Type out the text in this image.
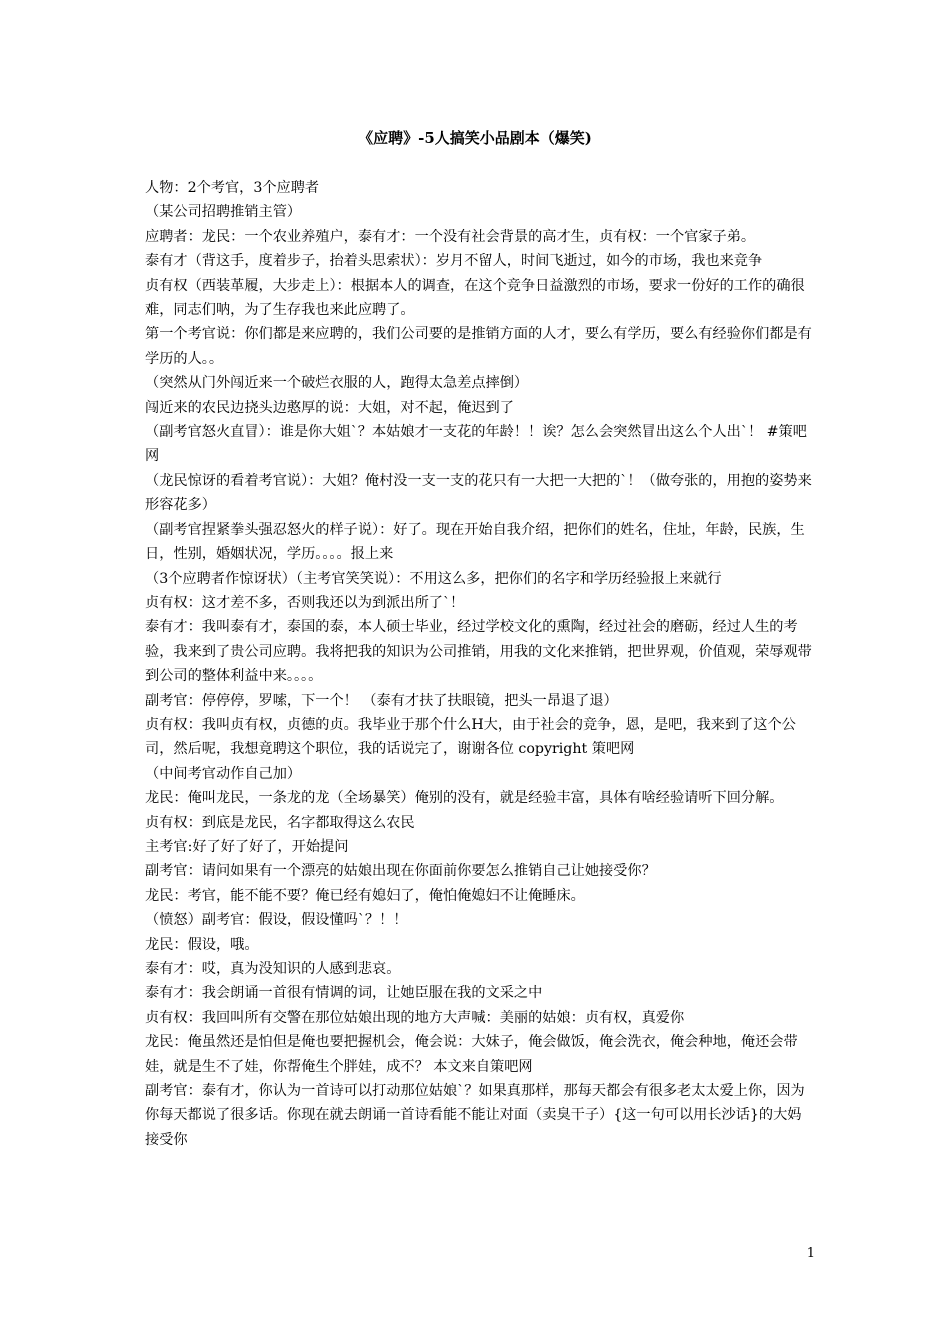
《应聘》-5人搞笑小品剧本（爆笑)

人物：2个考官，3个应聘者

（某公司招聘推销主管）

应聘者：龙民：一个农业养殖户，泰有才：一个没有社会背景的高才生，贞有权：一个官家子弟。

泰有才（背这手，度着步子，抬着头思索状）：岁月不留人，时间飞逝过，如今的市场，我也来竞争

贞有权（西装革履，大步走上）：根据本人的调查，在这个竞争日益激烈的市场，要求一份好的工作的确很难，同志们呐，为了生存我也来此应聘了。

第一个考官说：你们都是来应聘的，我们公司要的是推销方面的人才，要么有学历，要么有经验你们都是有学历的人。。

（突然从门外闯近来一个破烂衣服的人，跑得太急差点摔倒）

闯近来的农民边挠头边憨厚的说：大姐，对不起，俺迟到了

（副考官怒火直冒）：谁是你大姐`？本姑娘才一支花的年龄！！诶？怎么会突然冒出这么个人出`！ #策吧网

（龙民惊讶的看着考官说）：大姐？俺村没一支一支的花只有一大把一大把的`！（做夸张的，用抱的姿势来形容花多）

（副考官捏紧拳头强忍怒火的样子说）：好了。现在开始自我介绍，把你们的姓名，住址，年龄，民族，生日，性别，婚姻状况，学历。。。。报上来

（3个应聘者作惊讶状）（主考官笑笑说）：不用这么多，把你们的名字和学历经验报上来就行

贞有权：这才差不多，否则我还以为到派出所了`！

泰有才：我叫泰有才，泰国的泰，本人硕士毕业，经过学校文化的熏陶，经过社会的磨砺，经过人生的考验，我来到了贵公司应聘。我将把我的知识为公司推销，用我的文化来推销，把世界观，价值观，荣辱观带到公司的整体利益中来。。。。

副考官：停停停，罗嗦，下一个！ （泰有才扶了扶眼镜，把头一昂退了退）

贞有权：我叫贞有权，贞德的贞。我毕业于那个什么H大，由于社会的竞争，恩，是吧，我来到了这个公司，然后呢，我想竟聘这个职位，我的话说完了，谢谢各位 copyright 策吧网

（中间考官动作自己加）

龙民：俺叫龙民，一条龙的龙（全场暴笑）俺别的没有，就是经验丰富，具体有啥经验请听下回分解。

贞有权：到底是龙民，名字都取得这么农民

主考官:好了好了好了，开始提问

副考官：请问如果有一个漂亮的姑娘出现在你面前你要怎么推销自己让她接受你？

龙民：考官，能不能不要？俺已经有媳妇了，俺怕俺媳妇不让俺睡床。

（愤怒）副考官：假设，假设懂吗`？！！

龙民：假设，哦。

泰有才：哎，真为没知识的人感到悲哀。

泰有才：我会朗诵一首很有情调的词，让她臣服在我的文采之中

贞有权：我回叫所有交警在那位姑娘出现的地方大声喊：美丽的姑娘：贞有权，真爱你

龙民：俺虽然还是怕但是俺也要把握机会，俺会说：大妹子，俺会做饭，俺会洗衣，俺会种地，俺还会带娃，就是生不了娃，你帮俺生个胖娃，成不？ 本文来自策吧网

副考官：泰有才，你认为一首诗可以打动那位姑娘`？如果真那样，那每天都会有很多老太太爱上你，因为你每天都说了很多话。你现在就去朗诵一首诗看能不能让对面（卖臭干子）{这一句可以用长沙话}的大妈接受你

1
